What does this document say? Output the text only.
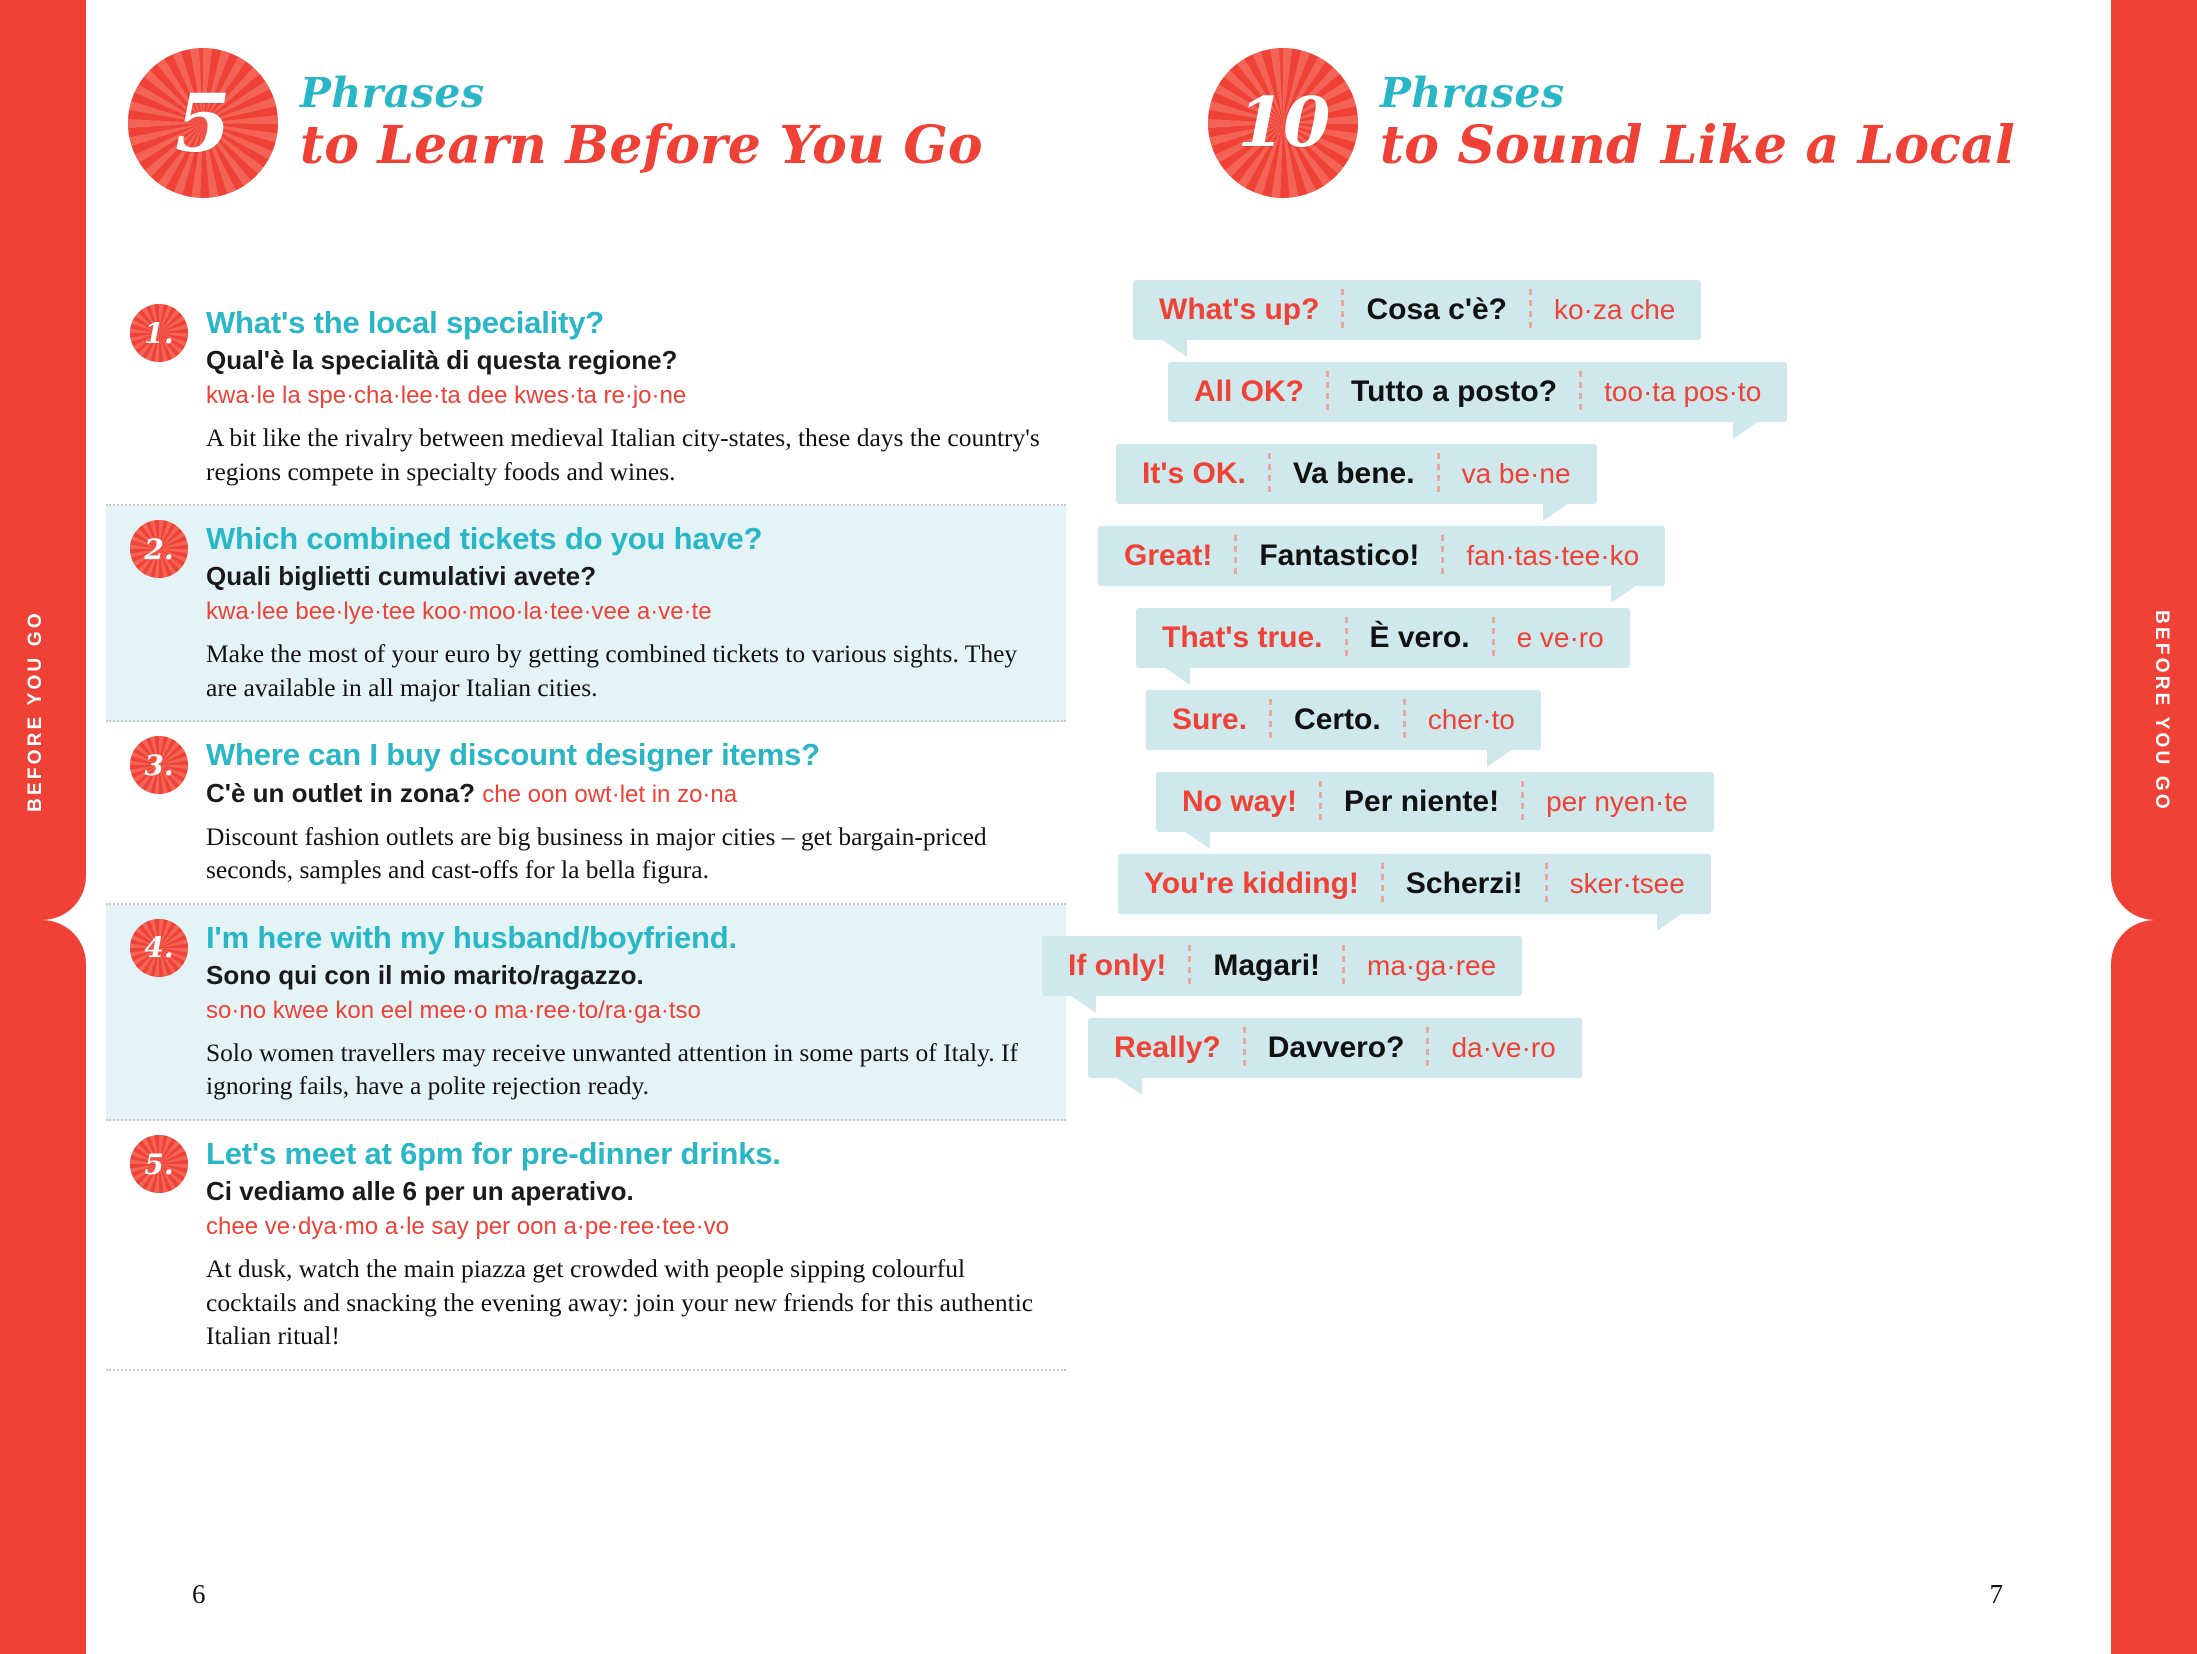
BEFORE YOU GO	BEFORE YOU GO
5 Phrases
to Learn Before You Go
1. What's the local speciality?
Qual'è la specialità di questa regione?
kwa·le la spe·cha·lee·ta dee kwes·ta re·jo·ne
A bit like the rivalry between medieval Italian city-states, these days the country's regions compete in specialty foods and wines.
2. Which combined tickets do you have?
Quali biglietti cumulativi avete?
kwa·lee bee·lye·tee koo·moo·la·tee·vee a·ve·te
Make the most of your euro by getting combined tickets to various sights. They are available in all major Italian cities.
3. Where can I buy discount designer items?
C'è un outlet in zona? che oon owt·let in zo·na
Discount fashion outlets are big business in major cities – get bargain-priced seconds, samples and cast-offs for la bella figura.
4. I'm here with my husband/boyfriend.
Sono qui con il mio marito/ragazzo.
so·no kwee kon eel mee·o ma·ree·to/ra·ga·tso
Solo women travellers may receive unwanted attention in some parts of Italy. If ignoring fails, have a polite rejection ready.
5. Let's meet at 6pm for pre-dinner drinks.
Ci vediamo alle 6 per un aperativo.
chee ve·dya·mo a·le say per oon a·pe·ree·tee·vo
At dusk, watch the main piazza get crowded with people sipping colourful cocktails and snacking the evening away: join your new friends for this authentic Italian ritual!
6
10 Phrases
to Sound Like a Local
What's up? Cosa c'è? ko·za che
All OK? Tutto a posto? too·ta pos·to
It's OK. Va bene. va be·ne
Great! Fantastico! fan·tas·tee·ko
That's true. È vero. e ve·ro
Sure. Certo. cher·to
No way! Per niente! per nyen·te
You're kidding! Scherzi! sker·tsee
If only! Magari! ma·ga·ree
Really? Davvero? da·ve·ro
7
